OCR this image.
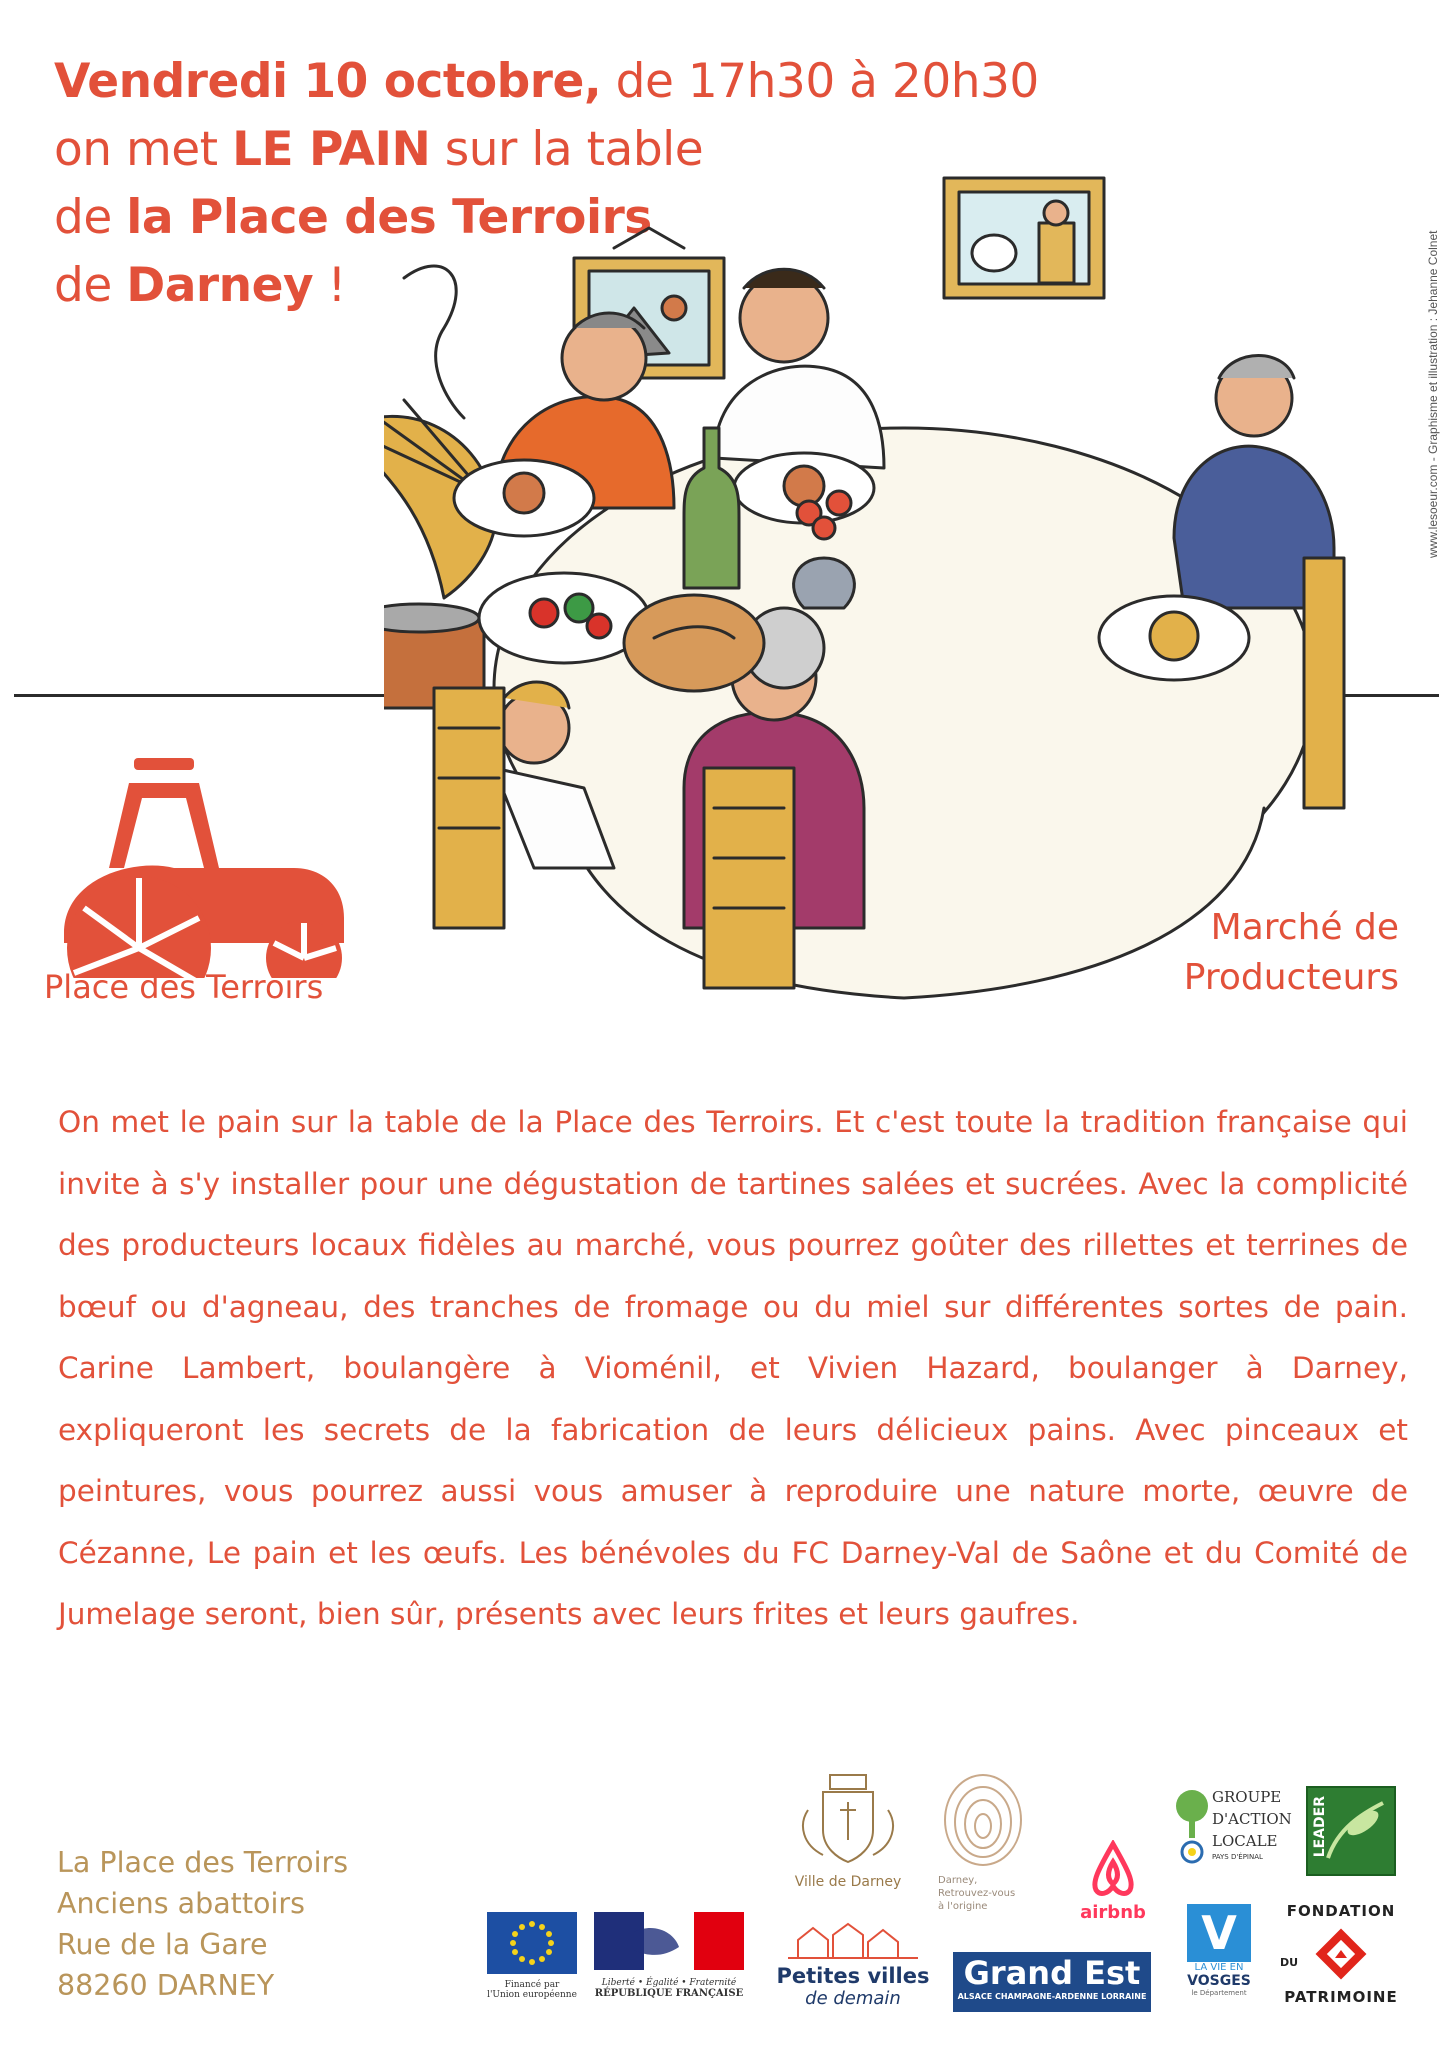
Vendredi 10 octobre, de 17h30 à 20h30
on met LE PAIN sur la table
de la Place des Terroirs
de Darney !	www.lesoeur.com - Graphisme et illustration : Jehanne Colnet
Place des Terroirs
Marché de
Producteurs

On met le pain sur la table de la Place des Terroirs. Et c'est toute la tradition française qui invite à s'y installer pour une dégustation de tartines salées et sucrées. Avec la complicité des producteurs locaux fidèles au marché, vous pourrez goûter des rillettes et terrines de bœuf ou d'agneau, des tranches de fromage ou du miel sur différentes sortes de pain. Carine Lambert, boulangère à Vioménil, et Vivien Hazard, boulanger à Darney, expliqueront les secrets de la fabrication de leurs délicieux pains. Avec pinceaux et peintures, vous pourrez aussi vous amuser à reproduire une nature morte, œuvre de Cézanne, Le pain et les œufs. Les bénévoles du FC Darney-Val de Saône et du Comité de Jumelage seront, bien sûr, présents avec leurs frites et leurs gaufres.

La Place des Terroirs
Anciens abattoirs
Rue de la Gare
88260 DARNEY	Financé par
l'Union européenne
Liberté • Égalité • Fraternité
RÉPUBLIQUE FRANÇAISE
Ville de Darney	Darney,
Retrouvez-vous
à l'origine	airbnb
Petites villes
de demain
Grand Est
ALSACE CHAMPAGNE-ARDENNE LORRAINE
GROUPE
D'ACTION
LOCALE
PAYS D'ÉPINAL	LEADER
V
LA VIE EN
VOSGES
le Département
FONDATION
DU
PATRIMOINE
